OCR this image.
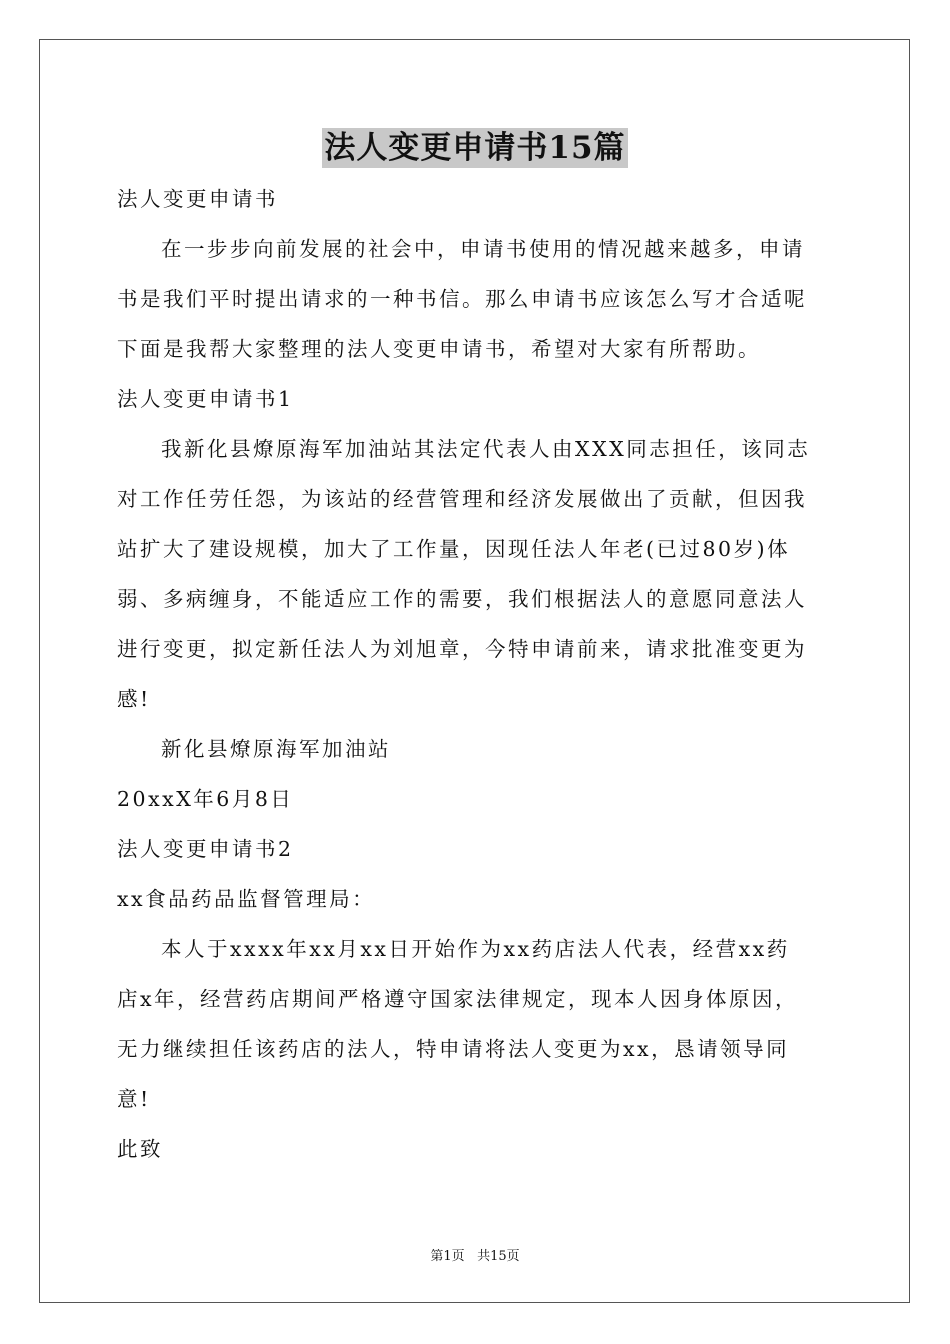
法人变更申请书15篇
法人变更申请书
在一步步向前发展的社会中，申请书使用的情况越来越多，申请
书是我们平时提出请求的一种书信。那么申请书应该怎么写才合适呢
下面是我帮大家整理的法人变更申请书，希望对大家有所帮助。
法人变更申请书1
我新化县燎原海军加油站其法定代表人由XXX同志担任，该同志
对工作任劳任怨，为该站的经营管理和经济发展做出了贡献，但因我
站扩大了建设规模，加大了工作量，因现任法人年老(已过80岁)体
弱、多病缠身，不能适应工作的需要，我们根据法人的意愿同意法人
进行变更，拟定新任法人为刘旭章，今特申请前来，请求批准变更为
感!
新化县燎原海军加油站
20xxX年6月8日
法人变更申请书2
xx食品药品监督管理局：
本人于xxxx年xx月xx日开始作为xx药店法人代表，经营xx药
店x年，经营药店期间严格遵守国家法律规定，现本人因身体原因，
无力继续担任该药店的法人，特申请将法人变更为xx，恳请领导同
意!
此致
第1页 共15页
